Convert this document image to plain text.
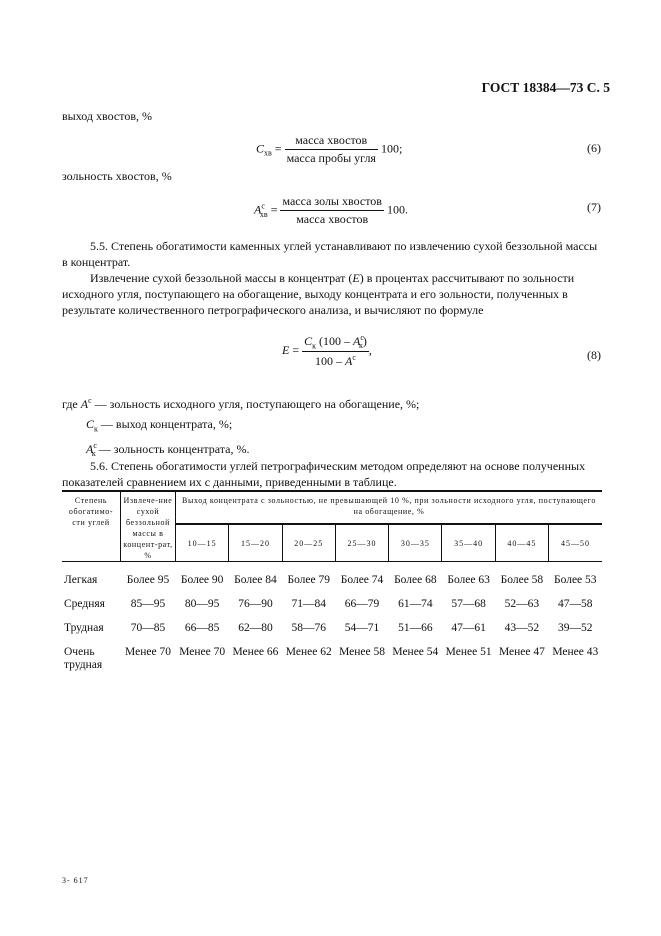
ГОСТ 18384—73 С. 5
выход хвостов, %
$C_{хв} = \frac{\text{масса хвостов}}{\text{масса пробы угля}} 100$;	(6)
зольность хвостов, %
$A^c_{хв} = \frac{\text{масса золы хвостов}}{\text{масса хвостов}} 100$.	(7)
5.5. Степень обогатимости каменных углей устанавливают по извлечению сухой беззольной массы
в концентрат.
Извлечение сухой беззольной массы в концентрат (E) в процентах рассчитывают по зольности
исходного угля, поступающего на обогащение, выходу концентрата и его зольности, полученных в
результате количественного петрографического анализа, и вычисляют по формуле
$E = \frac{C_к (100 - A^c_к)}{100 - A^c}$ ,	(8)
где $A^c$ — зольность исходного угля, поступающего на обогащение, %;
$C_к$ — выход концентрата, %;
$A^c_к$ — зольность концентрата, %.
5.6. Степень обогатимости углей петрографическим методом определяют на основе полученных
показателей сравнением их с данными, приведенными в таблице.
Степень обогатимо-сти углей	Извлече-ние сухой беззольной массы в концент-рат, %	Выход концентрата с зольностью, не превышающей 10 %, при зольности исходного угля, поступающего на обогащение, %							
		10—15	15—20	20—25	25—30	30—35	35—40	40—45	45—50
Легкая	Более 95	Более 90	Более 84	Более 79	Более 74	Более 68	Более 63	Более 58	Более 53
Средняя	85—95	80—95	76—90	71—84	66—79	61—74	57—68	52—63	47—58
Трудная	70—85	66—85	62—80	58—76	54—71	51—66	47—61	43—52	39—52
Очень трудная	Менее 70	Менее 70	Менее 66	Менее 62	Менее 58	Менее 54	Менее 51	Менее 47	Менее 43
3- 617
